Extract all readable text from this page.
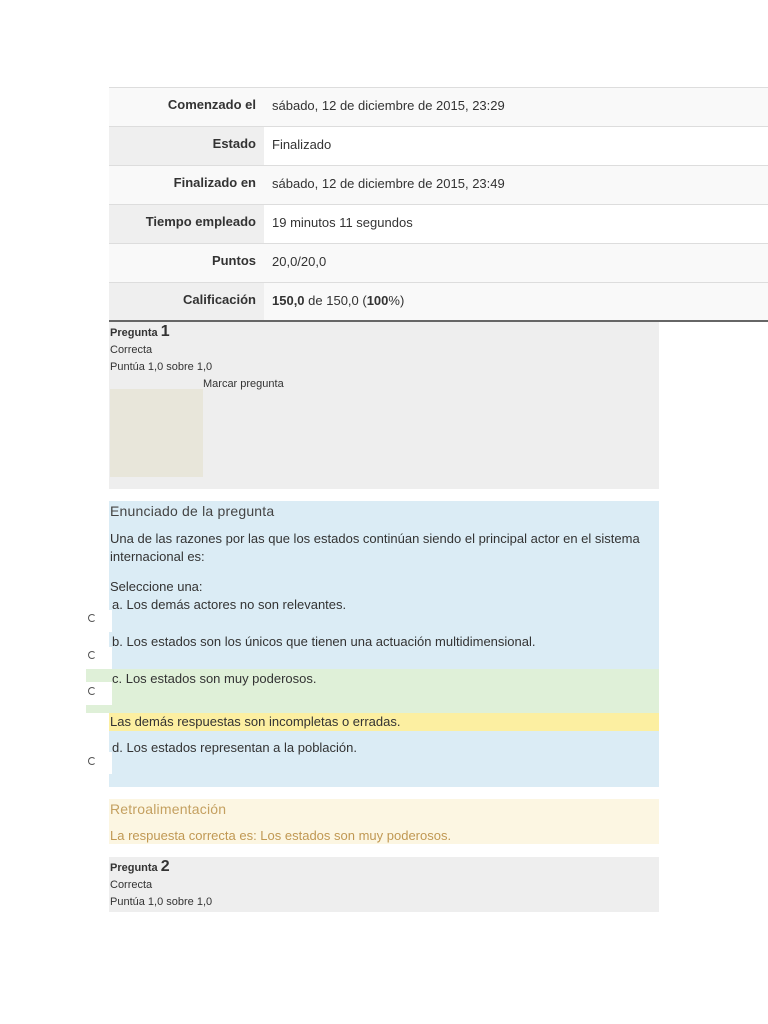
Comenzado el	sábado, 12 de diciembre de 2015, 23:29
Estado	Finalizado
Finalizado en	sábado, 12 de diciembre de 2015, 23:49
Tiempo empleado	19 minutos 11 segundos
Puntos	20,0/20,0
Calificación	150,0 de 150,0 (100%)
Pregunta 1
Correcta
Puntúa 1,0 sobre 1,0
Marcar pregunta
Enunciado de la pregunta
Una de las razones por las que los estados continúan siendo el principal actor en el sistema internacional es:
Seleccione una:
a. Los demás actores no son relevantes.
b. Los estados son los únicos que tienen una actuación multidimensional.
c. Los estados son muy poderosos.
Las demás respuestas son incompletas o erradas.
d. Los estados representan a la población.
Retroalimentación
La respuesta correcta es: Los estados son muy poderosos.
Pregunta 2
Correcta
Puntúa 1,0 sobre 1,0
